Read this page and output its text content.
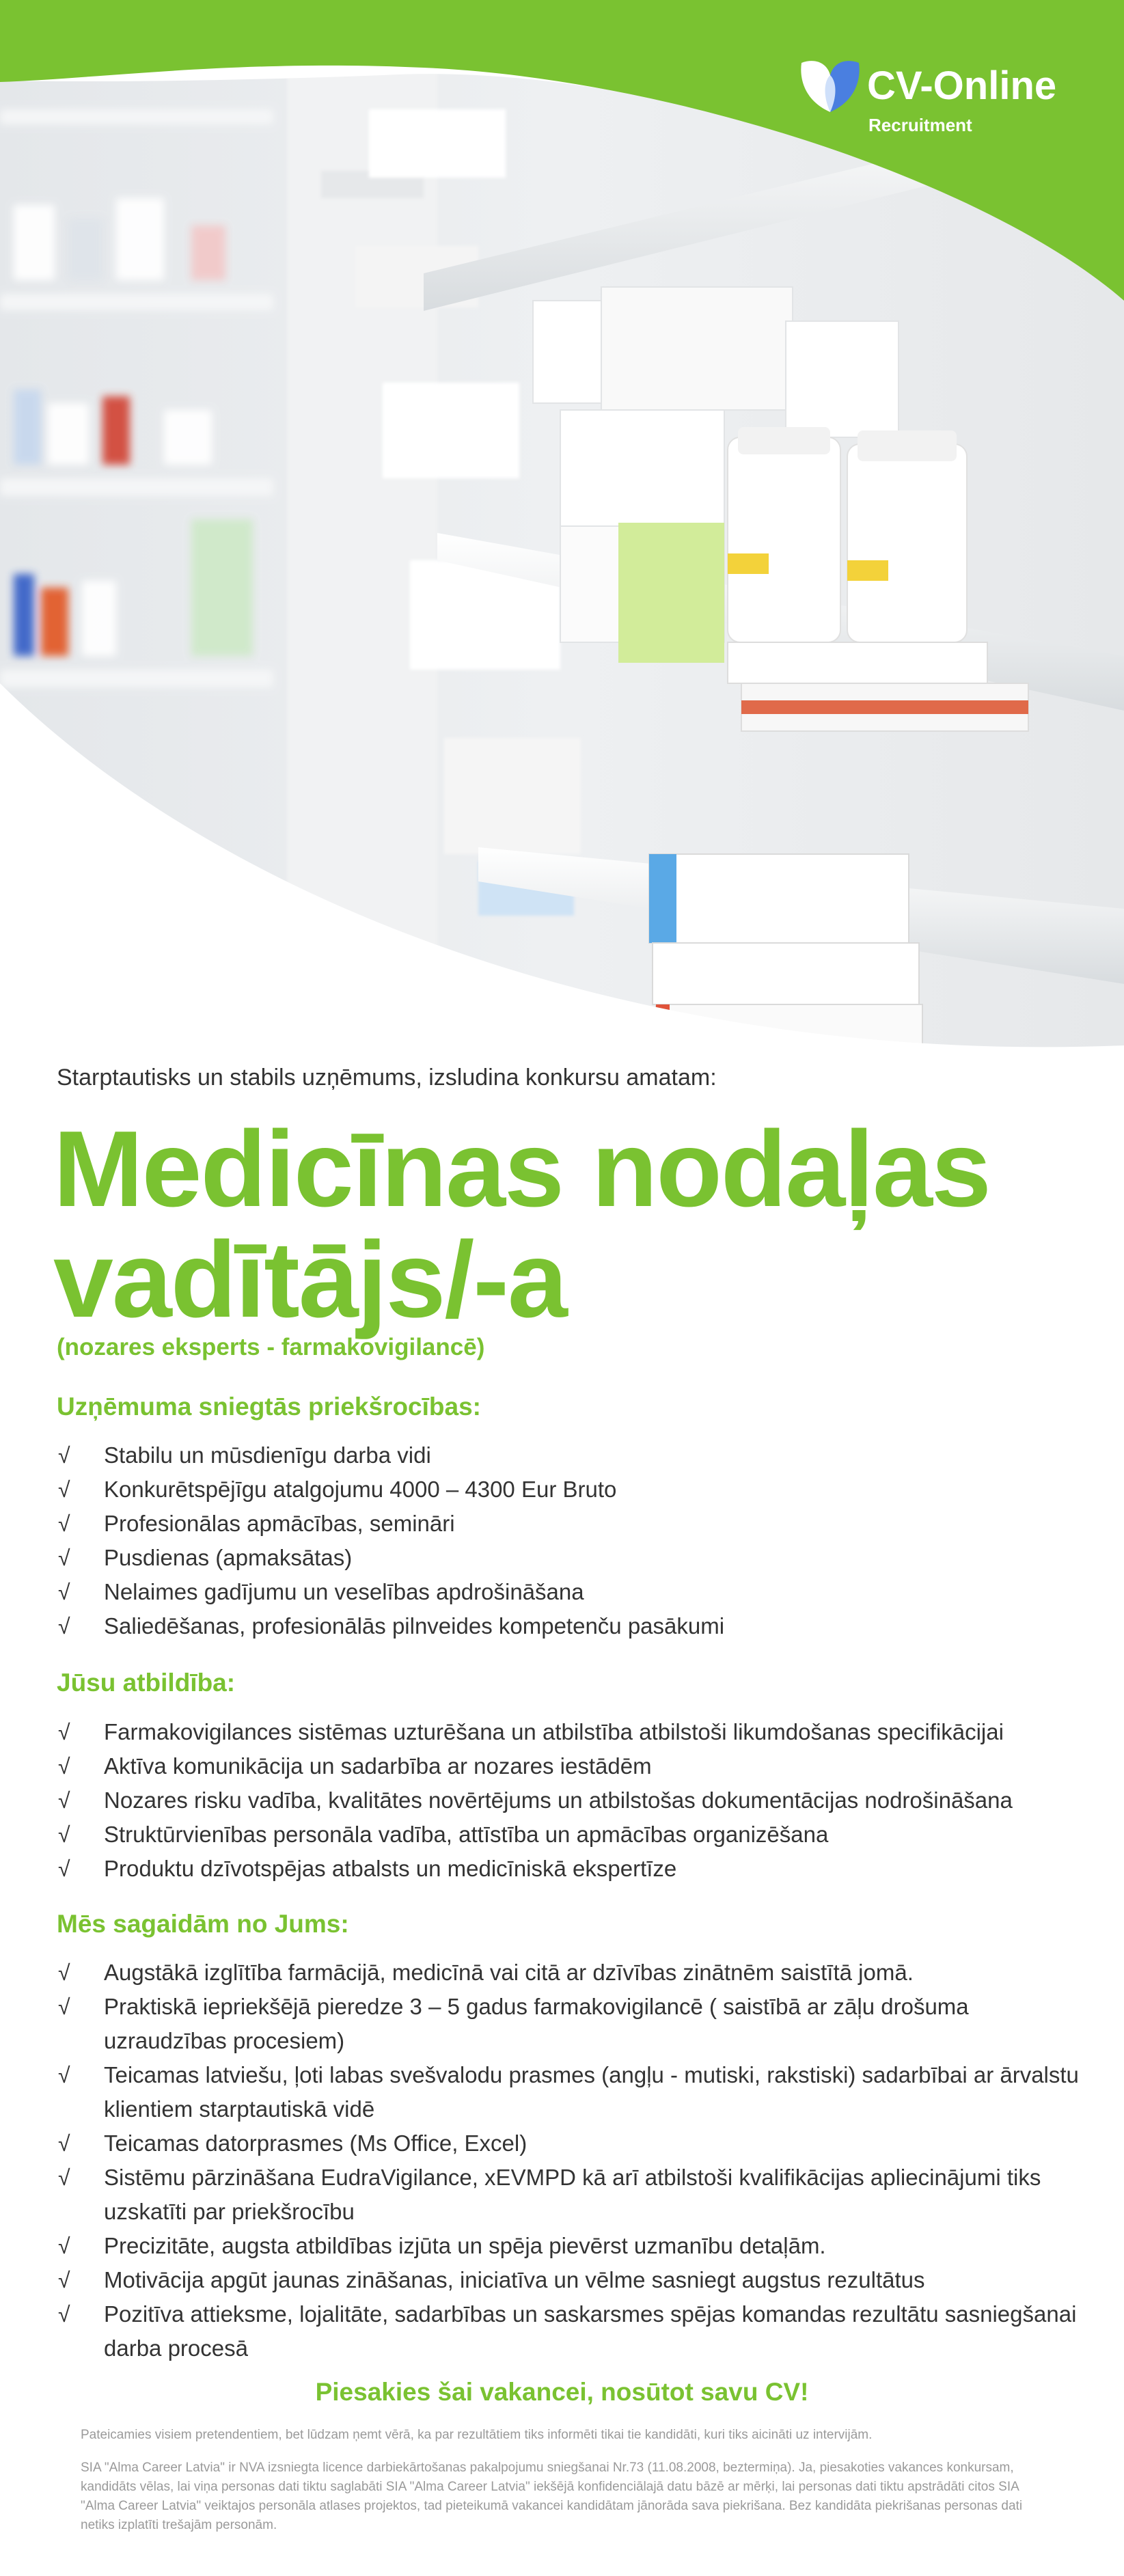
CV-Online
Recruitment
Starptautisks un stabils uzņēmums, izsludina konkursu amatam:
Medicīnas nodaļas
vadītājs/-a
(nozares eksperts - farmakovigilancē)
Uzņēmuma sniegtās priekšrocības:
√ Stabilu un mūsdienīgu darba vidi
√ Konkurētspējīgu atalgojumu 4000 – 4300 Eur Bruto
√ Profesionālas apmācības, semināri
√ Pusdienas (apmaksātas)
√ Nelaimes gadījumu un veselības apdrošināšana
√ Saliedēšanas, profesionālās pilnveides kompetenču pasākumi
Jūsu atbildība:
√ Farmakovigilances sistēmas uzturēšana un atbilstība atbilstoši likumdošanas specifikācijai
√ Aktīva komunikācija un sadarbība ar nozares iestādēm
√ Nozares risku vadība, kvalitātes novērtējums un atbilstošas dokumentācijas nodrošināšana
√ Struktūrvienības personāla vadība, attīstība un apmācības organizēšana
√ Produktu dzīvotspējas atbalsts un medicīniskā ekspertīze
Mēs sagaidām no Jums:
√ Augstākā izglītība farmācijā, medicīnā vai citā ar dzīvības zinātnēm saistītā jomā.
√ Praktiskā iepriekšējā pieredze 3 – 5 gadus farmakovigilancē ( saistībā ar zāļu drošuma uzraudzības procesiem)
√ Teicamas latviešu, ļoti labas svešvalodu prasmes (angļu - mutiski, rakstiski) sadarbībai ar ārvalstu klientiem starptautiskā vidē
√ Teicamas datorprasmes (Ms Office, Excel)
√ Sistēmu pārzināšana EudraVigilance, xEVMPD kā arī atbilstoši kvalifikācijas apliecinājumi tiks uzskatīti par priekšrocību
√ Precizitāte, augsta atbildības izjūta un spēja pievērst uzmanību detaļām.
√ Motivācija apgūt jaunas zināšanas, iniciatīva un vēlme sasniegt augstus rezultātus
√ Pozitīva attieksme, lojalitāte, sadarbības un saskarsmes spējas komandas rezultātu sasniegšanai darba procesā
Piesakies šai vakancei, nosūtot savu CV!
Pateicamies visiem pretendentiem, bet lūdzam ņemt vērā, ka par rezultātiem tiks informēti tikai tie kandidāti, kuri tiks aicināti uz intervijām.
SIA "Alma Career Latvia" ir NVA izsniegta licence darbiekārtošanas pakalpojumu sniegšanai Nr.73 (11.08.2008, beztermiņa). Ja, piesakoties vakances konkursam, kandidāts vēlas, lai viņa personas dati tiktu saglabāti SIA "Alma Career Latvia" iekšējā konfidenciālajā datu bāzē ar mērķi, lai personas dati tiktu apstrādāti citos SIA "Alma Career Latvia" veiktajos personāla atlases projektos, tad pieteikumā vakancei kandidātam jānorāda sava piekrišana. Bez kandidāta piekrišanas personas dati netiks izplatīti trešajām personām.
